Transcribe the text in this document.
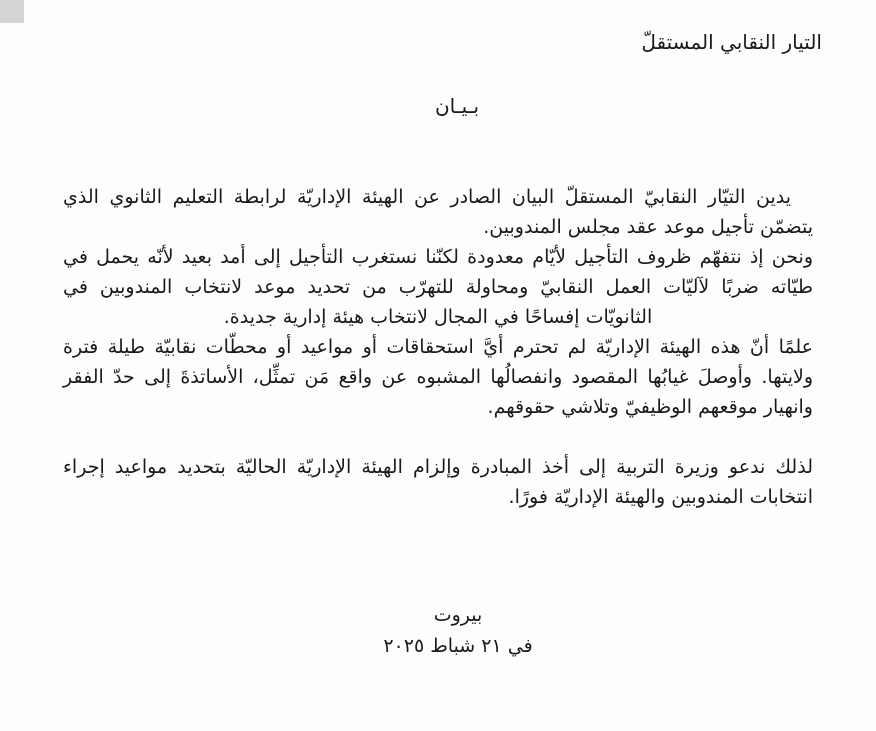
التيار النقابي المستقلّ
بـيـان

يدين التيّار النقابيّ المستقلّ البيان الصادر عن الهيئة الإداريّة لرابطة التعليم الثانوي الذي يتضمّن تأجيل موعد عقد مجلس المندوبين.

ونحن إذ نتفهّم ظروف التأجيل لأيّام معدودة لكنّنا نستغرب التأجيل إلى أمد بعيد لأنّه يحمل في طيّاته ضربًا لآليّات العمل النقابيّ ومحاولة للتهرّب من تحديد موعد لانتخاب المندوبين في الثانويّات إفساحًا في المجال لانتخاب هيئة إدارية جديدة.

علمًا أنّ هذه الهيئة الإداريّة لم تحترم أيَّ استحقاقات أو مواعيد أو محطّات نقابيّة طيلة فترة ولايتها. وأوصلَ غيابُها المقصود وانفصالُها المشبوه عن واقع مَن تمثِّل، الأساتذةَ إلى حدّ الفقر وانهيار موقعهم الوظيفيّ وتلاشي حقوقهم.

لذلك ندعو وزيرة التربية إلى أخذ المبادرة وإلزام الهيئة الإداريّة الحاليّة بتحديد مواعيد إجراء انتخابات المندوبين والهيئة الإداريّة فورًا.

بيروت
في ٢١ شباط ٢٠٢٥
